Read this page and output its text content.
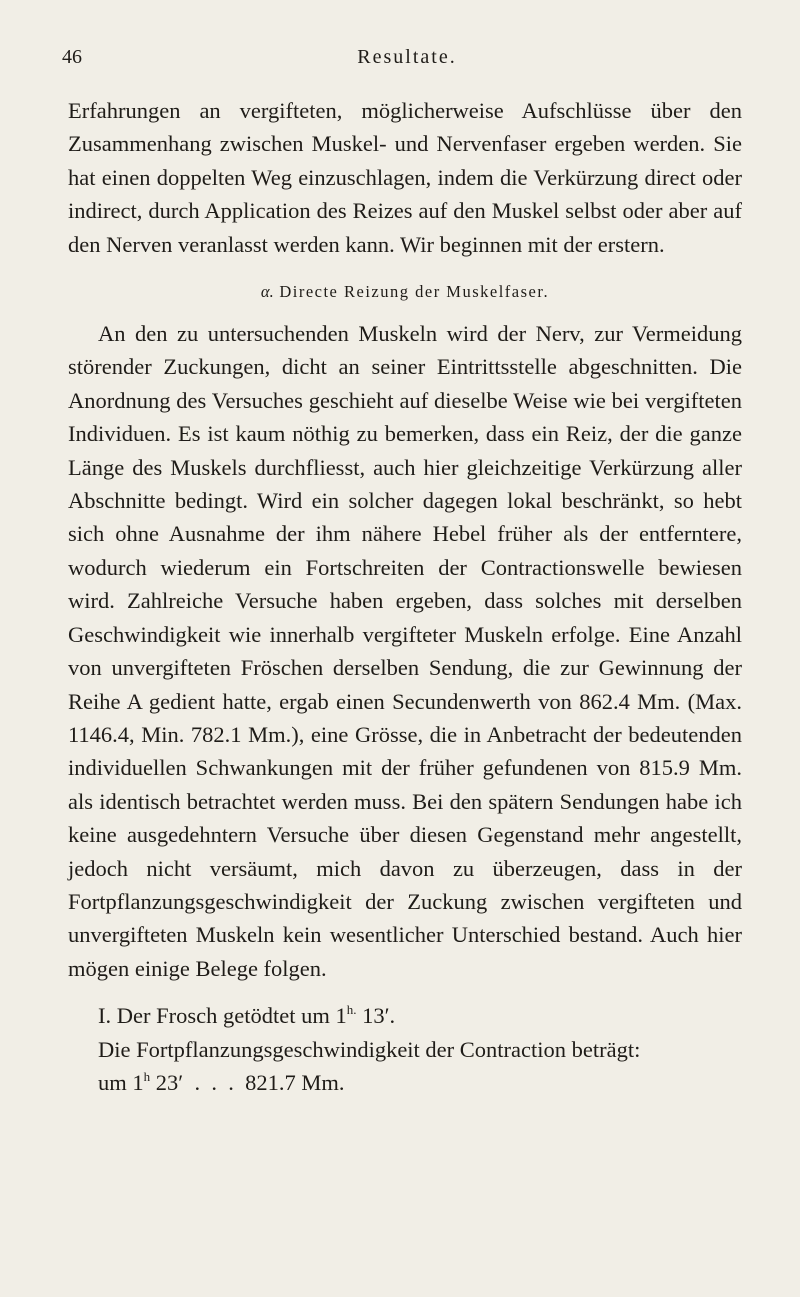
46	Resultate.

Erfahrungen an vergifteten, möglicherweise Aufschlüsse über den Zusammenhang zwischen Muskel- und Nervenfaser ergeben werden. Sie hat einen doppelten Weg einzuschlagen, indem die Verkürzung direct oder indirect, durch Application des Reizes auf den Muskel selbst oder aber auf den Nerven veranlasst werden kann. Wir beginnen mit der erstern.

α. Directe Reizung der Muskelfaser.

An den zu untersuchenden Muskeln wird der Nerv, zur Vermeidung störender Zuckungen, dicht an seiner Eintrittsstelle abgeschnitten. Die Anordnung des Versuches geschieht auf dieselbe Weise wie bei vergifteten Individuen. Es ist kaum nöthig zu bemerken, dass ein Reiz, der die ganze Länge des Muskels durchfliesst, auch hier gleichzeitige Verkürzung aller Abschnitte bedingt. Wird ein solcher dagegen lokal beschränkt, so hebt sich ohne Ausnahme der ihm nähere Hebel früher als der entferntere, wodurch wiederum ein Fortschreiten der Contractionswelle bewiesen wird. Zahlreiche Versuche haben ergeben, dass solches mit derselben Geschwindigkeit wie innerhalb vergifteter Muskeln erfolge. Eine Anzahl von unvergifteten Fröschen derselben Sendung, die zur Gewinnung der Reihe A gedient hatte, ergab einen Secundenwerth von 862.4 Mm. (Max. 1146.4, Min. 782.1 Mm.), eine Grösse, die in Anbetracht der bedeutenden individuellen Schwankungen mit der früher gefundenen von 815.9 Mm. als identisch betrachtet werden muss. Bei den spätern Sendungen habe ich keine ausgedehntern Versuche über diesen Gegenstand mehr angestellt, jedoch nicht versäumt, mich davon zu überzeugen, dass in der Fortpflanzungsgeschwindigkeit der Zuckung zwischen vergifteten und unvergifteten Muskeln kein wesentlicher Unterschied bestand. Auch hier mögen einige Belege folgen.

I. Der Frosch getödtet um $1^{h.}$ 13′.

Die Fortpflanzungsgeschwindigkeit der Contraction beträgt:

um 1$^h$ 23′  .  .  .  821.7 Mm.
